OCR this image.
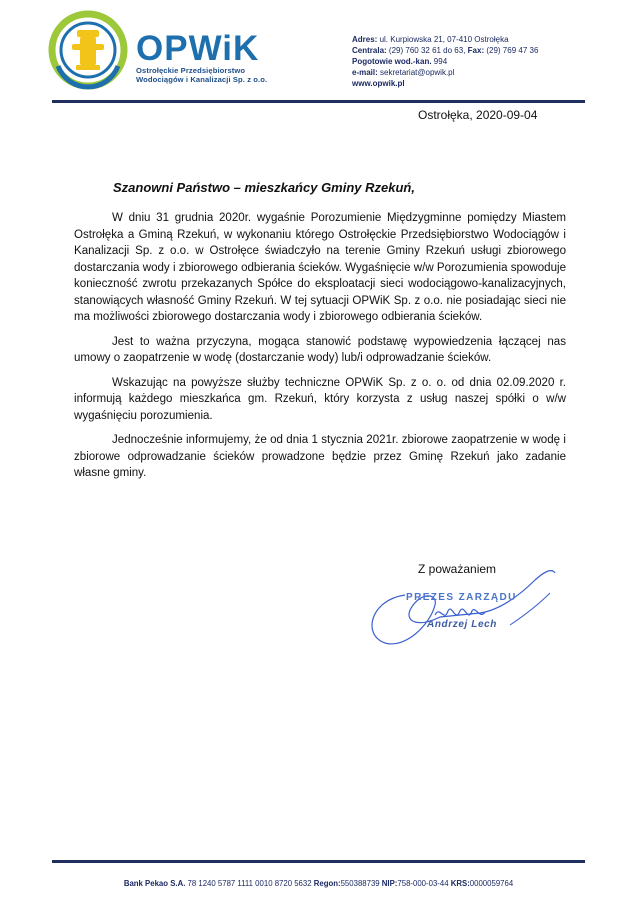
OPWiK
Ostrołęckie Przedsiębiorstwo
Wodociągów i Kanalizacji Sp. z o.o.
Adres: ul. Kurpiowska 21, 07-410 Ostrołęka
Centrala: (29) 760 32 61 do 63, Fax: (29) 769 47 36
Pogotowie wod.-kan. 994
e-mail: sekretariat@opwik.pl
www.opwik.pl
Ostrołęka, 2020-09-04
Szanowni Państwo – mieszkańcy Gminy Rzekuń,

W dniu 31 grudnia 2020r. wygaśnie Porozumienie Międzygminne pomiędzy Miastem Ostrołęka a Gminą Rzekuń, w wykonaniu którego Ostrołęckie Przedsiębiorstwo Wodociągów i Kanalizacji Sp. z o.o. w Ostrołęce świadczyło na terenie Gminy Rzekuń usługi zbiorowego dostarczania wody i zbiorowego odbierania ścieków. Wygaśnięcie w/w Porozumienia spowoduje konieczność zwrotu przekazanych Spółce do eksploatacji sieci wodociągowo-kanalizacyjnych, stanowiących własność Gminy Rzekuń. W tej sytuacji OPWiK Sp. z o.o. nie posiadając sieci nie ma możliwości zbiorowego dostarczania wody i zbiorowego odbierania ścieków.

Jest to ważna przyczyna, mogąca stanowić podstawę wypowiedzenia łączącej nas umowy o zaopatrzenie w wodę (dostarczanie wody) lub/i odprowadzanie ścieków.

Wskazując na powyższe służby techniczne OPWiK Sp. z o. o. od dnia 02.09.2020 r. informują każdego mieszkańca gm. Rzekuń, który korzysta z usług naszej spółki o w/w wygaśnięciu porozumienia.

Jednocześnie informujemy, że od dnia 1 stycznia 2021r. zbiorowe zaopatrzenie w wodę i zbiorowe odprowadzanie ścieków prowadzone będzie przez Gminę Rzekuń jako zadanie własne gminy.

Z poważaniem
PREZES ZARZĄDU
Andrzej Lech
Bank Pekao S.A. 78 1240 5787 1111 0010 8720 5632 Regon:550388739 NIP:758-000-03-44 KRS:0000059764
